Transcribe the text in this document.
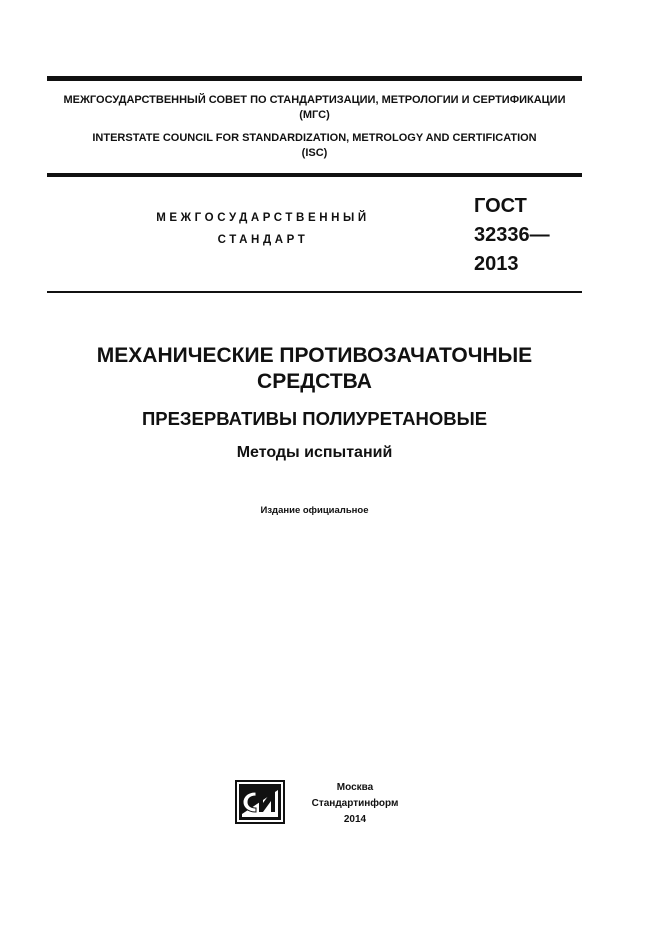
МЕЖГОСУДАРСТВЕННЫЙ СОВЕТ ПО СТАНДАРТИЗАЦИИ, МЕТРОЛОГИИ И СЕРТИФИКАЦИИ
(МГС)
INTERSTATE COUNCIL FOR STANDARDIZATION, METROLOGY AND CERTIFICATION
(ISC)
МЕЖГОСУДАРСТВЕННЫЙ
СТАНДАРТ
ГОСТ
32336—
2013
МЕХАНИЧЕСКИЕ ПРОТИВОЗАЧАТОЧНЫЕ
СРЕДСТВА
ПРЕЗЕРВАТИВЫ ПОЛИУРЕТАНОВЫЕ
Методы испытаний
Издание официальное
Москва
Стандартинформ
2014
